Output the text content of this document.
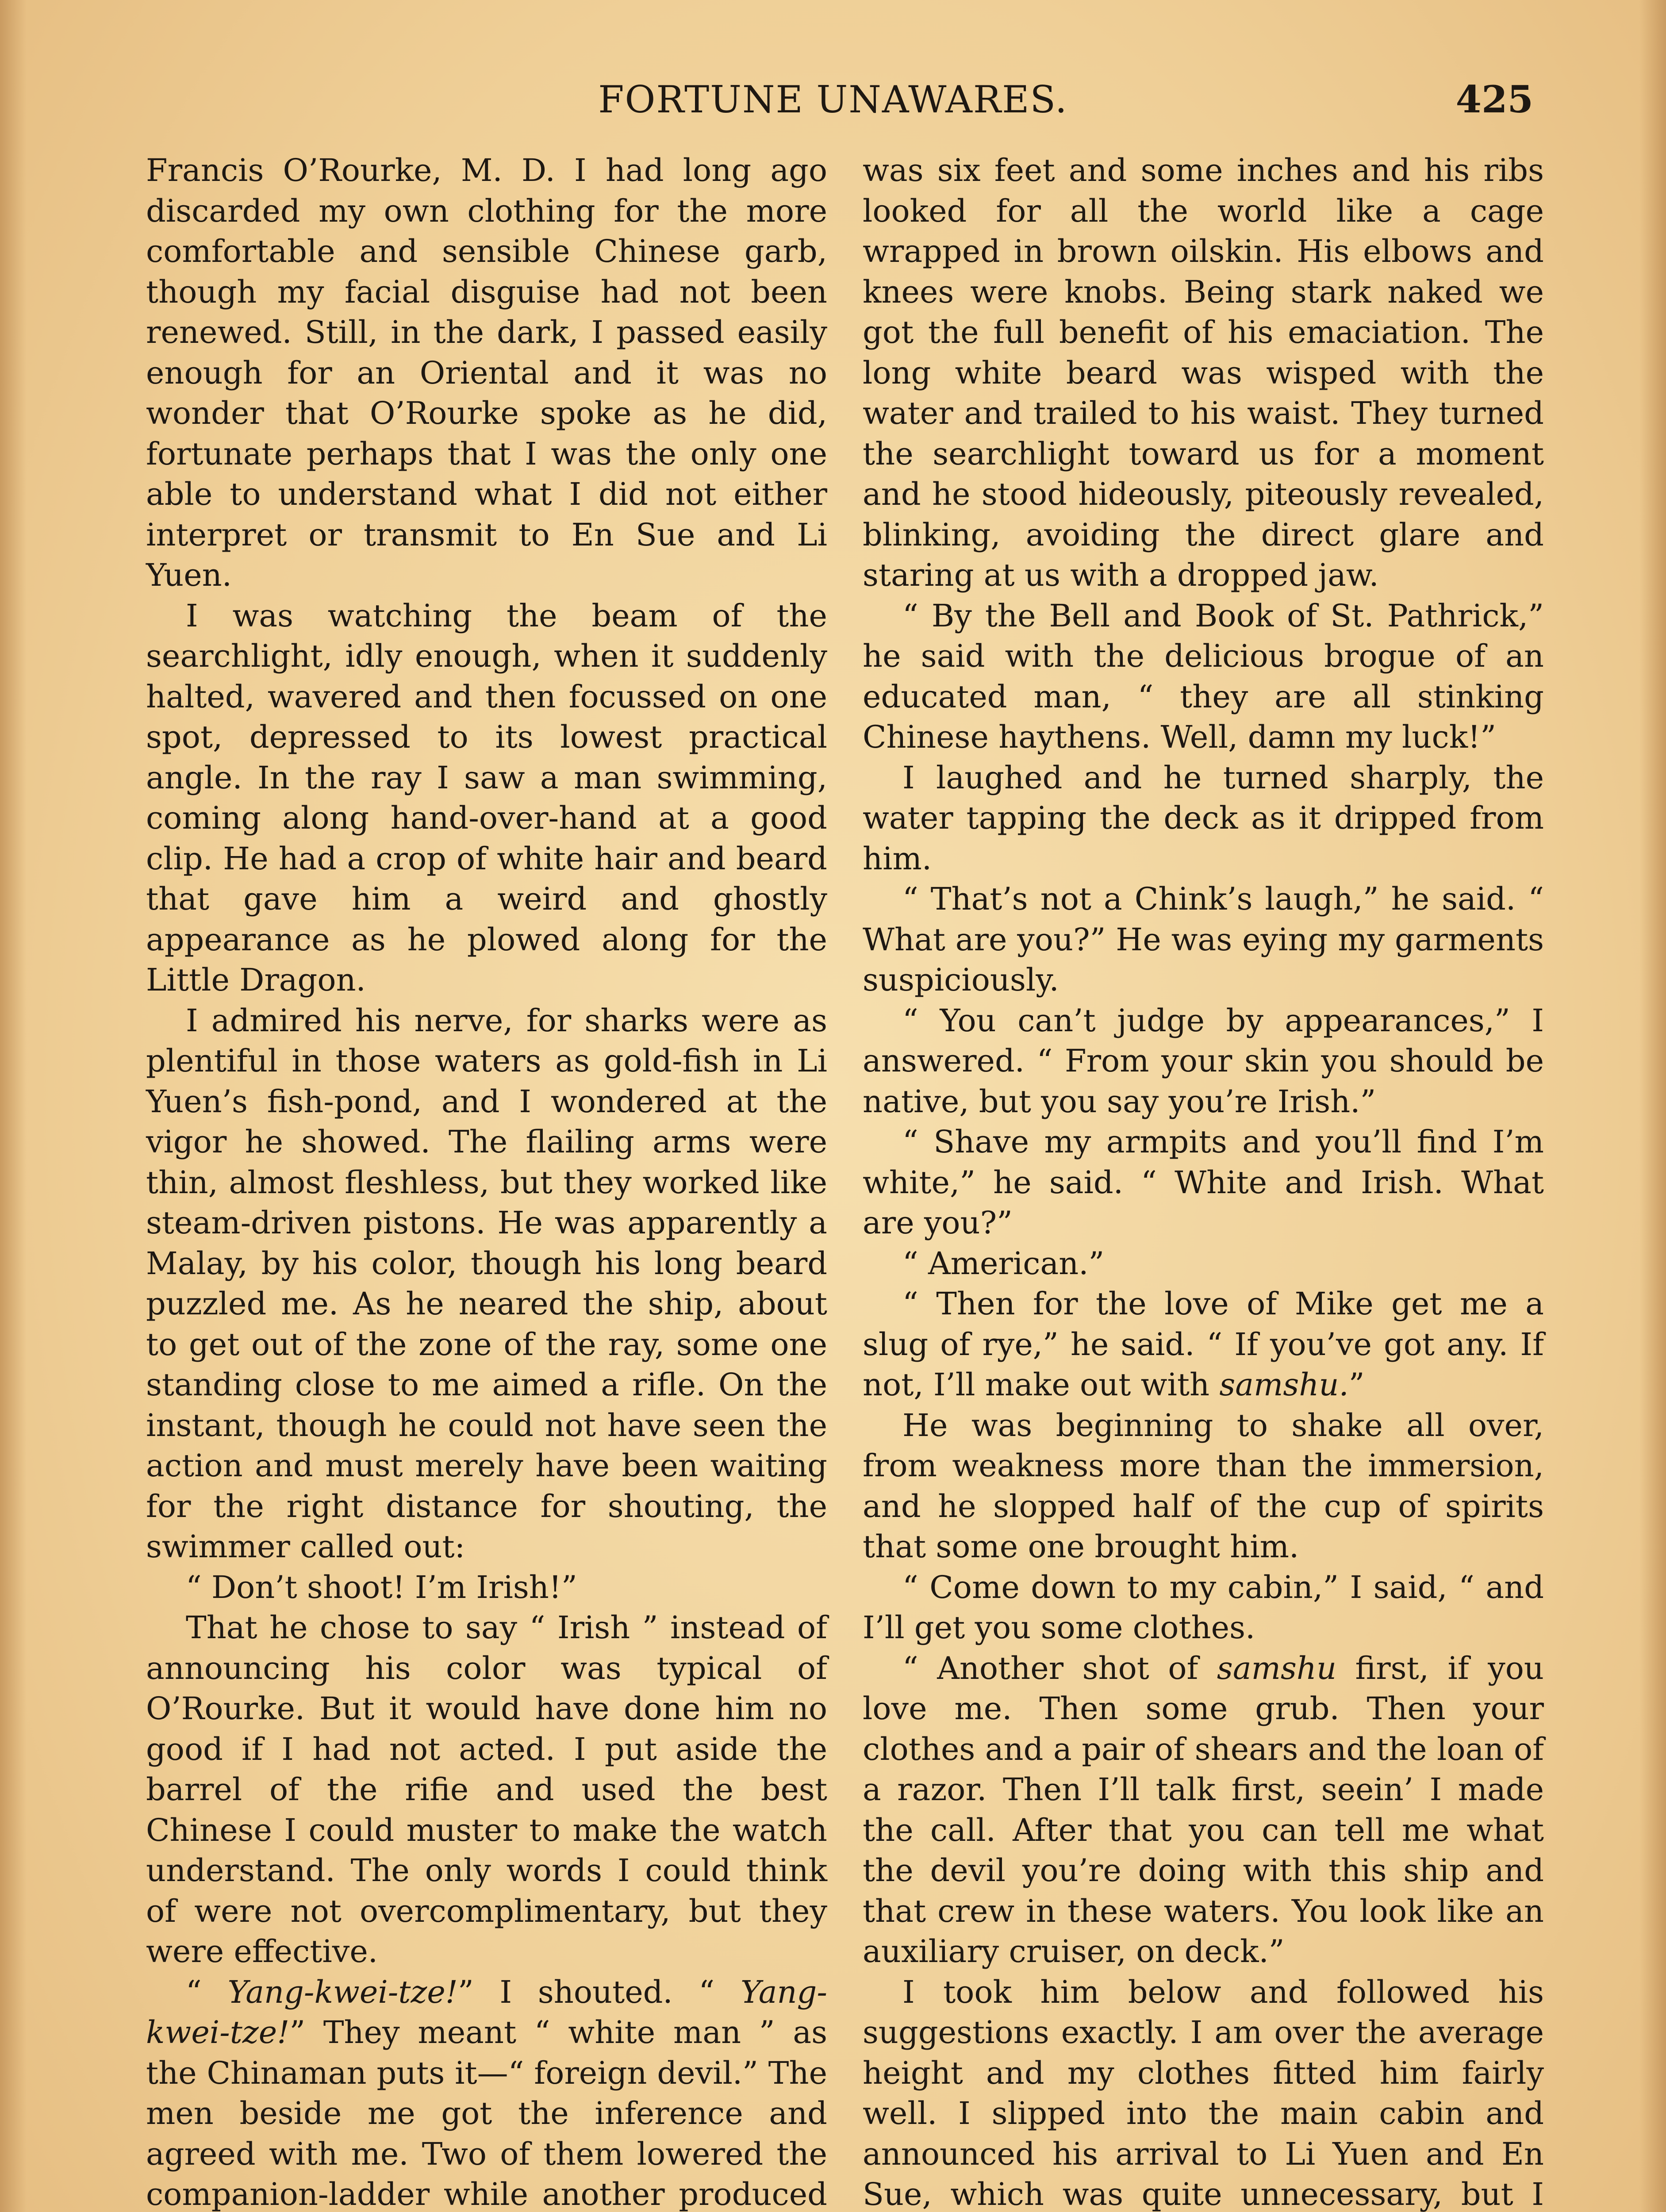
FORTUNE UNAWARES.	425

Francis O’Rourke, M. D. I had long ago discarded my own clothing for the more comfortable and sensible Chinese garb, though my facial disguise had not been renewed. Still, in the dark, I passed easily enough for an Oriental and it was no wonder that O’Rourke spoke as he did, fortunate perhaps that I was the only one able to understand what I did not either interpret or transmit to En Sue and Li Yuen.

I was watching the beam of the searchlight, idly enough, when it suddenly halted, wavered and then focussed on one spot, depressed to its lowest practical angle. In the ray I saw a man swimming, coming along hand-over-hand at a good clip. He had a crop of white hair and beard that gave him a weird and ghostly appearance as he plowed along for the Little Dragon.

I admired his nerve, for sharks were as plentiful in those waters as gold-fish in Li Yuen’s fish-pond, and I wondered at the vigor he showed. The flailing arms were thin, almost fleshless, but they worked like steam-driven pistons. He was apparently a Malay, by his color, though his long beard puzzled me. As he neared the ship, about to get out of the zone of the ray, some one standing close to me aimed a rifle. On the instant, though he could not have seen the action and must merely have been waiting for the right distance for shouting, the swimmer called out:

“ Don’t shoot! I’m Irish!”

That he chose to say “ Irish ” instead of announcing his color was typical of O’Rourke. But it would have done him no good if I had not acted. I put aside the barrel of the rifie and used the best Chinese I could muster to make the watch understand. The only words I could think of were not overcomplimentary, but they were effective.

“ Yang-kwei-tze!” I shouted. “ Yang-kwei-tze!” They meant “ white man ” as the Chinaman puts it—“ foreign devil.” The men beside me got the inference and agreed with me. Two of them lowered the companion-ladder while another produced

was six feet and some inches and his ribs looked for all the world like a cage wrapped in brown oilskin. His elbows and knees were knobs. Being stark naked we got the full benefit of his emaciation. The long white beard was wisped with the water and trailed to his waist. They turned the searchlight toward us for a moment and he stood hideously, piteously revealed, blinking, avoiding the direct glare and staring at us with a dropped jaw.

“ By the Bell and Book of St. Pathrick,” he said with the delicious brogue of an educated man, “ they are all stinking Chinese haythens. Well, damn my luck!”

I laughed and he turned sharply, the water tapping the deck as it dripped from him.

“ That’s not a Chink’s laugh,” he said. “ What are you?” He was eying my garments suspiciously.

“ You can’t judge by appearances,” I answered. “ From your skin you should be native, but you say you’re Irish.”

“ Shave my armpits and you’ll find I’m white,” he said. “ White and Irish. What are you?”

“ American.”

“ Then for the love of Mike get me a slug of rye,” he said. “ If you’ve got any. If not, I’ll make out with samshu.”

He was beginning to shake all over, from weakness more than the immersion, and he slopped half of the cup of spirits that some one brought him.

“ Come down to my cabin,” I said, “ and I’ll get you some clothes.

“ Another shot of samshu first, if you love me. Then some grub. Then your clothes and a pair of shears and the loan of a razor. Then I’ll talk first, seein’ I made the call. After that you can tell me what the devil you’re doing with this ship and that crew in these waters. You look like an auxiliary cruiser, on deck.”

I took him below and followed his suggestions exactly. I am over the average height and my clothes fitted him fairly well. I slipped into the main cabin and announced his arrival to Li Yuen and En Sue, which was quite unnecessary, but I
